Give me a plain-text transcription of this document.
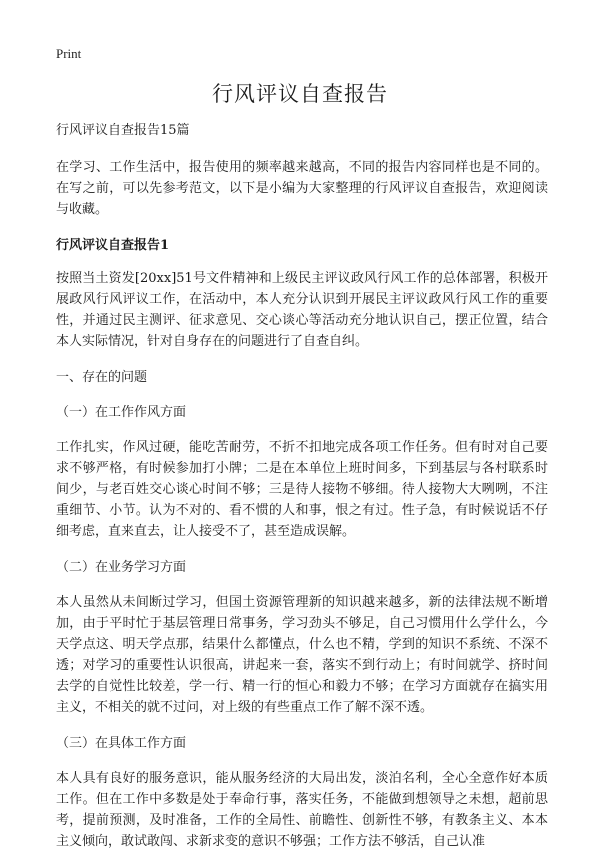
Print
行风评议自查报告

行风评议自查报告15篇

在学习、工作生活中，报告使用的频率越来越高，不同的报告内容同样也是不同的。在写之前，可以先参考范文，以下是小编为大家整理的行风评议自查报告，欢迎阅读与收藏。

行风评议自查报告1

按照当土资发[20xx]51号文件精神和上级民主评议政风行风工作的总体部署，积极开展政风行风评议工作，在活动中，本人充分认识到开展民主评议政风行风工作的重要性，并通过民主测评、征求意见、交心谈心等活动充分地认识自己，摆正位置，结合本人实际情况，针对自身存在的问题进行了自查自纠。

一、存在的问题

（一）在工作作风方面

工作扎实，作风过硬，能吃苦耐劳，不折不扣地完成各项工作任务。但有时对自己要求不够严格，有时候参加打小牌；二是在本单位上班时间多，下到基层与各村联系时间少，与老百姓交心谈心时间不够；三是待人接物不够细。待人接物大大咧咧，不注重细节、小节。认为不对的、看不惯的人和事，恨之有过。性子急，有时候说话不仔细考虑，直来直去，让人接受不了，甚至造成误解。

（二）在业务学习方面

本人虽然从未间断过学习，但国土资源管理新的知识越来越多，新的法律法规不断增加，由于平时忙于基层管理日常事务，学习劲头不够足，自己习惯用什么学什么，今天学点这、明天学点那，结果什么都懂点，什么也不精，学到的知识不系统、不深不透；对学习的重要性认识很高，讲起来一套，落实不到行动上；有时间就学、挤时间去学的自觉性比较差，学一行、精一行的恒心和毅力不够；在学习方面就存在搞实用主义，不相关的就不过问，对上级的有些重点工作了解不深不透。

（三）在具体工作方面

本人具有良好的服务意识，能从服务经济的大局出发，淡泊名利，全心全意作好本质工作。但在工作中多数是处于奉命行事，落实任务，不能做到想领导之未想，超前思考，提前预测，及时准备，工作的全局性、前瞻性、创新性不够，有教条主义、本本主义倾向，敢试敢闯、求新求变的意识不够强；工作方法不够活，自己认准
